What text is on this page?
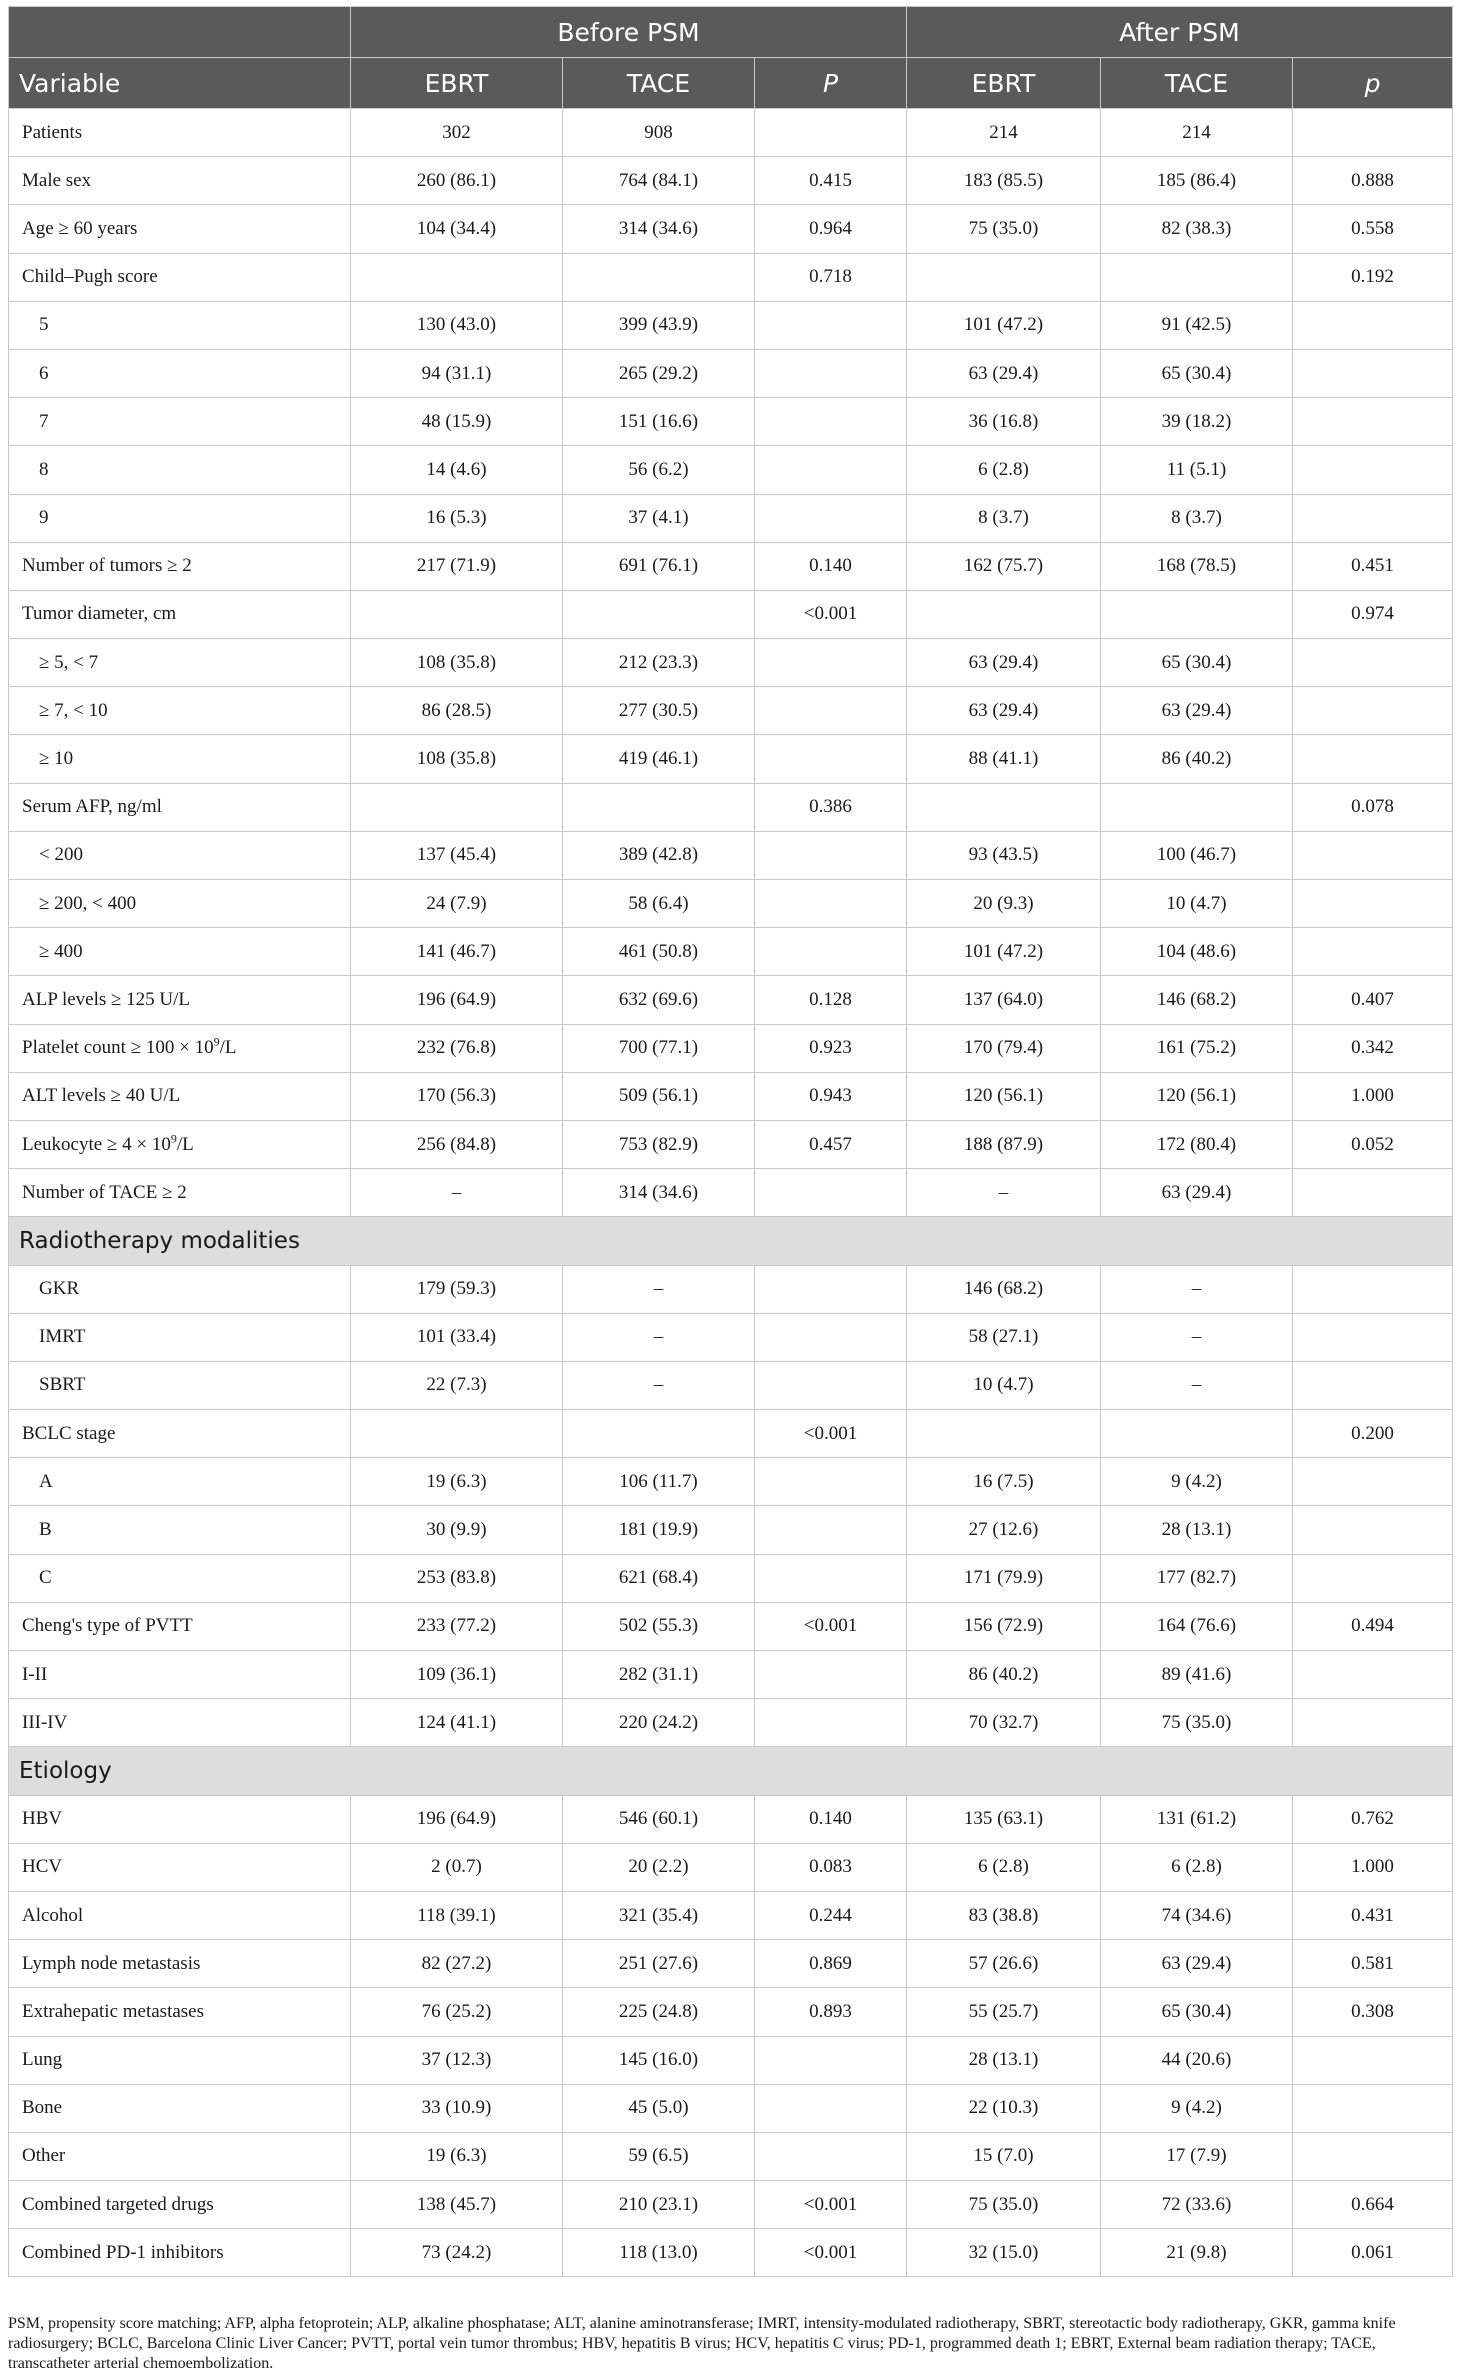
	Before PSM			After PSM		
Variable	EBRT	TACE	P	EBRT	TACE	p
Patients	302	908		214	214	
Male sex	260 (86.1)	764 (84.1)	0.415	183 (85.5)	185 (86.4)	0.888
Age ≥ 60 years	104 (34.4)	314 (34.6)	0.964	75 (35.0)	82 (38.3)	0.558
Child–Pugh score			0.718			0.192
5	130 (43.0)	399 (43.9)		101 (47.2)	91 (42.5)	
6	94 (31.1)	265 (29.2)		63 (29.4)	65 (30.4)	
7	48 (15.9)	151 (16.6)		36 (16.8)	39 (18.2)	
8	14 (4.6)	56 (6.2)		6 (2.8)	11 (5.1)	
9	16 (5.3)	37 (4.1)		8 (3.7)	8 (3.7)	
Number of tumors ≥ 2	217 (71.9)	691 (76.1)	0.140	162 (75.7)	168 (78.5)	0.451
Tumor diameter, cm			<0.001			0.974
≥ 5, < 7	108 (35.8)	212 (23.3)		63 (29.4)	65 (30.4)	
≥ 7, < 10	86 (28.5)	277 (30.5)		63 (29.4)	63 (29.4)	
≥ 10	108 (35.8)	419 (46.1)		88 (41.1)	86 (40.2)	
Serum AFP, ng/ml			0.386			0.078
< 200	137 (45.4)	389 (42.8)		93 (43.5)	100 (46.7)	
≥ 200, < 400	24 (7.9)	58 (6.4)		20 (9.3)	10 (4.7)	
≥ 400	141 (46.7)	461 (50.8)		101 (47.2)	104 (48.6)	
ALP levels ≥ 125 U/L	196 (64.9)	632 (69.6)	0.128	137 (64.0)	146 (68.2)	0.407
Platelet count ≥ $100 \times 10^9/L$	232 (76.8)	700 (77.1)	0.923	170 (79.4)	161 (75.2)	0.342
ALT levels ≥ 40 U/L	170 (56.3)	509 (56.1)	0.943	120 (56.1)	120 (56.1)	1.000
Leukocyte ≥ $4 \times 10^9/L$	256 (84.8)	753 (82.9)	0.457	188 (87.9)	172 (80.4)	0.052
Number of TACE ≥ 2	–	314 (34.6)		–	63 (29.4)	
Radiotherapy modalities						
GKR	179 (59.3)	–		146 (68.2)	–	
IMRT	101 (33.4)	–		58 (27.1)	–	
SBRT	22 (7.3)	–		10 (4.7)	–	
BCLC stage			<0.001			0.200
A	19 (6.3)	106 (11.7)		16 (7.5)	9 (4.2)	
B	30 (9.9)	181 (19.9)		27 (12.6)	28 (13.1)	
C	253 (83.8)	621 (68.4)		171 (79.9)	177 (82.7)	
Cheng's type of PVTT	233 (77.2)	502 (55.3)	<0.001	156 (72.9)	164 (76.6)	0.494
I-II	109 (36.1)	282 (31.1)		86 (40.2)	89 (41.6)	
III-IV	124 (41.1)	220 (24.2)		70 (32.7)	75 (35.0)	
Etiology						
HBV	196 (64.9)	546 (60.1)	0.140	135 (63.1)	131 (61.2)	0.762
HCV	2 (0.7)	20 (2.2)	0.083	6 (2.8)	6 (2.8)	1.000
Alcohol	118 (39.1)	321 (35.4)	0.244	83 (38.8)	74 (34.6)	0.431
Lymph node metastasis	82 (27.2)	251 (27.6)	0.869	57 (26.6)	63 (29.4)	0.581
Extrahepatic metastases	76 (25.2)	225 (24.8)	0.893	55 (25.7)	65 (30.4)	0.308
Lung	37 (12.3)	145 (16.0)		28 (13.1)	44 (20.6)	
Bone	33 (10.9)	45 (5.0)		22 (10.3)	9 (4.2)	
Other	19 (6.3)	59 (6.5)		15 (7.0)	17 (7.9)	
Combined targeted drugs	138 (45.7)	210 (23.1)	<0.001	75 (35.0)	72 (33.6)	0.664
Combined PD-1 inhibitors	73 (24.2)	118 (13.0)	<0.001	32 (15.0)	21 (9.8)	0.061
PSM, propensity score matching; AFP, alpha fetoprotein; ALP, alkaline phosphatase; ALT, alanine aminotransferase; IMRT, intensity-modulated radiotherapy, SBRT, stereotactic body radiotherapy, GKR, gamma knife radiosurgery; BCLC, Barcelona Clinic Liver Cancer; PVTT, portal vein tumor thrombus; HBV, hepatitis B virus; HCV, hepatitis C virus; PD-1, programmed death 1; EBRT, External beam radiation therapy; TACE, transcatheter arterial chemoembolization.
